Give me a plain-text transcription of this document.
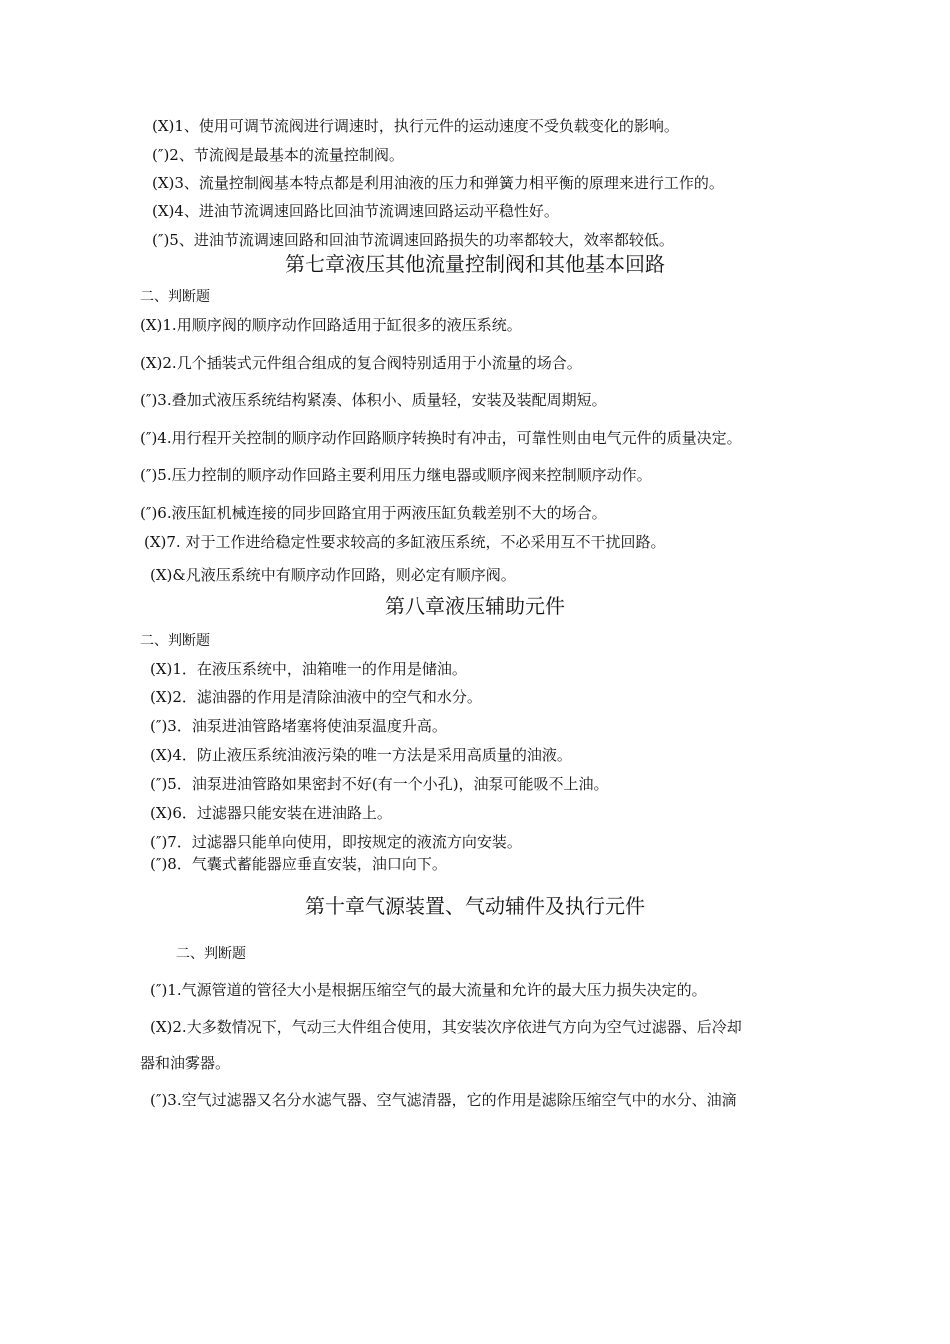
(X)1、使用可调节流阀进行调速时，执行元件的运动速度不受负载变化的影响。
(″)2、节流阀是最基本的流量控制阀。
(X)3、流量控制阀基本特点都是利用油液的压力和弹簧力相平衡的原理来进行工作的。
(X)4、进油节流调速回路比回油节流调速回路运动平稳性好。
(″)5、进油节流调速回路和回油节流调速回路损失的功率都较大，效率都较低。
第七章液压其他流量控制阀和其他基本回路
二、判断题
(X)1.用顺序阀的顺序动作回路适用于缸很多的液压系统。
(X)2.几个插装式元件组合组成的复合阀特别适用于小流量的场合。
(″)3.叠加式液压系统结构紧凑、体积小、质量轻，安装及装配周期短。
(″)4.用行程开关控制的顺序动作回路顺序转换时有冲击，可靠性则由电气元件的质量决定。
(″)5.压力控制的顺序动作回路主要利用压力继电器或顺序阀来控制顺序动作。
(″)6.液压缸机械连接的同步回路宜用于两液压缸负载差别不大的场合。
(X)7. 对于工作进给稳定性要求较高的多缸液压系统，不必采用互不干扰回路。
(X)&凡液压系统中有顺序动作回路，则必定有顺序阀。
第八章液压辅助元件
二、判断题
(X)1．在液压系统中，油箱唯一的作用是储油。
(X)2．滤油器的作用是清除油液中的空气和水分。
(″)3．油泵进油管路堵塞将使油泵温度升高。
(X)4．防止液压系统油液污染的唯一方法是采用高质量的油液。
(″)5．油泵进油管路如果密封不好(有一个小孔)，油泵可能吸不上油。
(X)6．过滤器只能安装在进油路上。
(″)7．过滤器只能单向使用，即按规定的液流方向安装。
(″)8．气囊式蓄能器应垂直安装，油口向下。
第十章气源装置、气动辅件及执行元件
二、判断题
(″)1.气源管道的管径大小是根据压缩空气的最大流量和允许的最大压力损失决定的。
(X)2.大多数情况下，气动三大件组合使用，其安装次序依进气方向为空气过滤器、后冷却
器和油雾器。
(″)3.空气过滤器又名分水滤气器、空气滤清器，它的作用是滤除压缩空气中的水分、油滴
